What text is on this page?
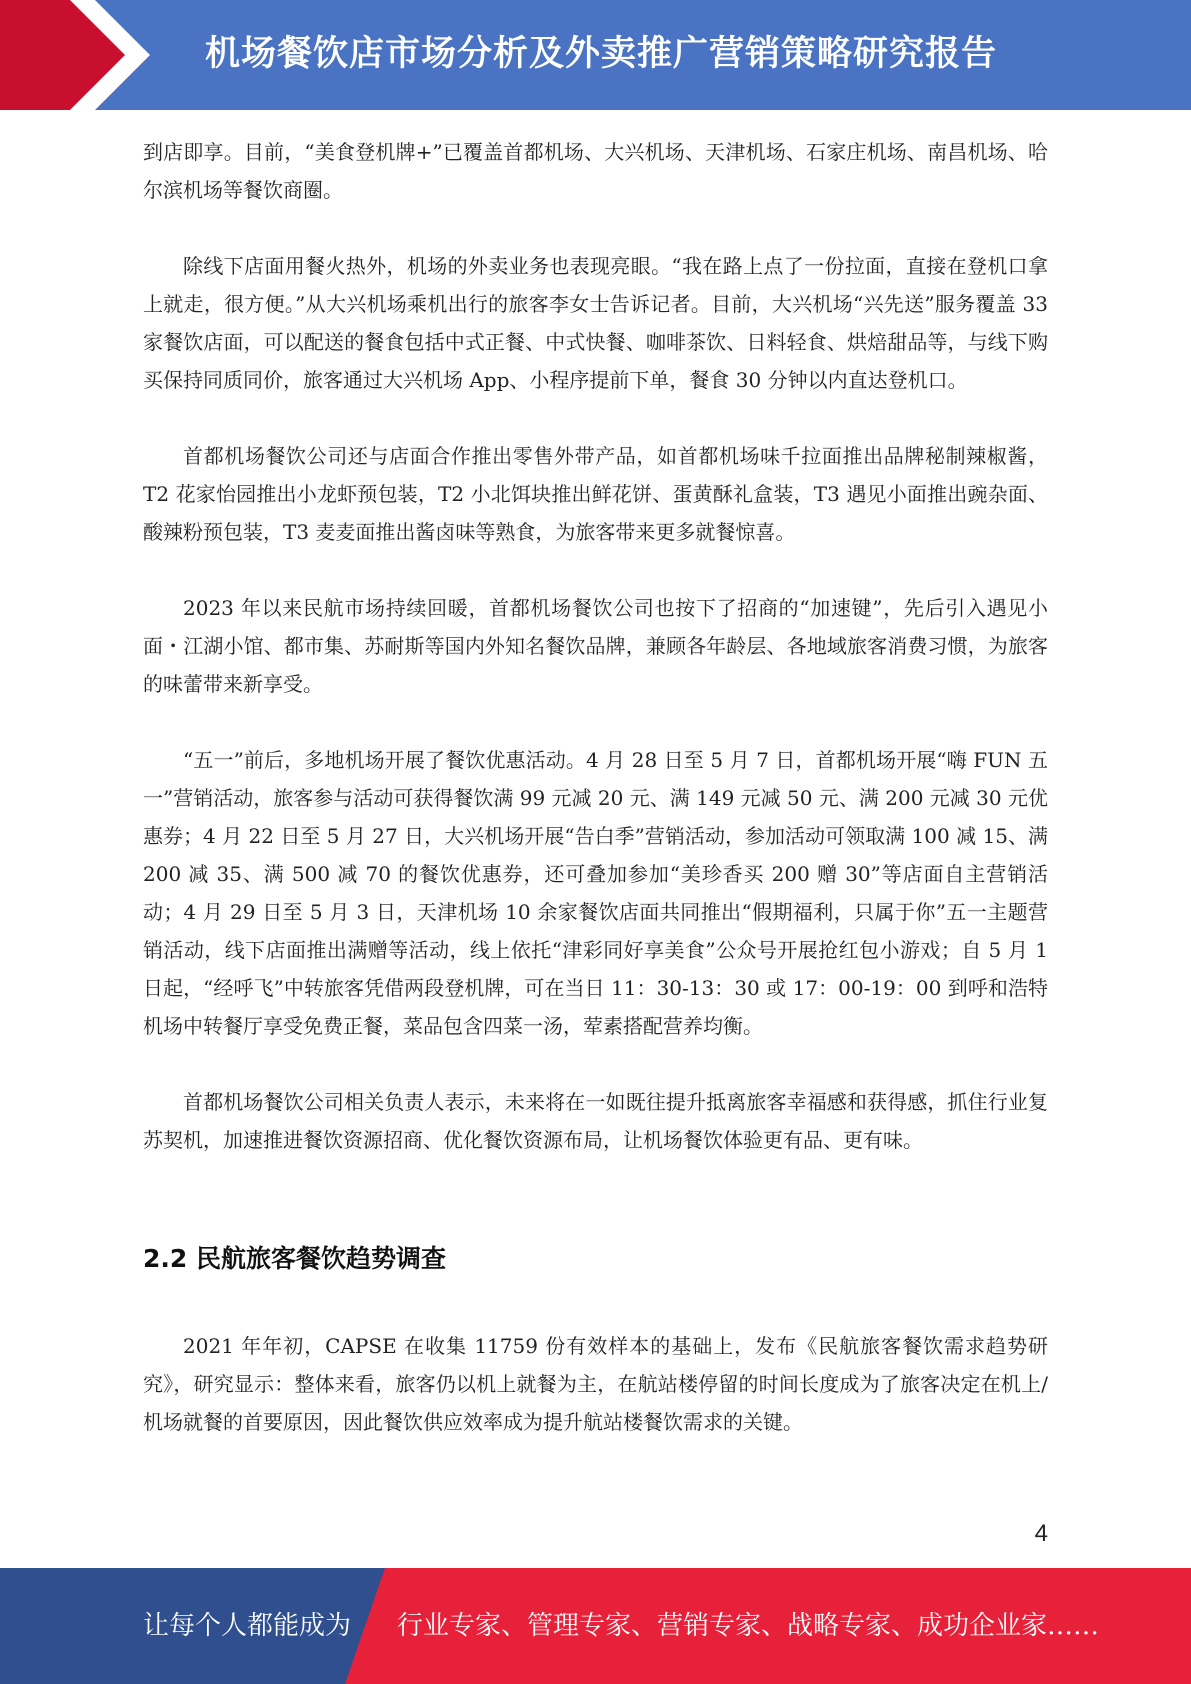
机场餐饮店市场分析及外卖推广营销策略研究报告

到店即享。目前，“美食登机牌+”已覆盖首都机场、大兴机场、天津机场、石家庄机场、南昌机场、哈尔滨机场等餐饮商圈。

除线下店面用餐火热外，机场的外卖业务也表现亮眼。“我在路上点了一份拉面，直接在登机口拿上就走，很方便。”从大兴机场乘机出行的旅客李女士告诉记者。目前，大兴机场“兴先送”服务覆盖 33 家餐饮店面，可以配送的餐食包括中式正餐、中式快餐、咖啡茶饮、日料轻食、烘焙甜品等，与线下购买保持同质同价，旅客通过大兴机场 App、小程序提前下单，餐食 30 分钟以内直达登机口。

首都机场餐饮公司还与店面合作推出零售外带产品，如首都机场味千拉面推出品牌秘制辣椒酱，T2 花家怡园推出小龙虾预包装，T2 小北饵块推出鲜花饼、蛋黄酥礼盒装，T3 遇见小面推出豌杂面、酸辣粉预包装，T3 麦麦面推出酱卤味等熟食，为旅客带来更多就餐惊喜。

2023 年以来民航市场持续回暖，首都机场餐饮公司也按下了招商的“加速键”，先后引入遇见小面・江湖小馆、都市集、苏耐斯等国内外知名餐饮品牌，兼顾各年龄层、各地域旅客消费习惯，为旅客的味蕾带来新享受。

“五一”前后，多地机场开展了餐饮优惠活动。4 月 28 日至 5 月 7 日，首都机场开展“嗨 FUN 五一”营销活动，旅客参与活动可获得餐饮满 99 元减 20 元、满 149 元减 50 元、满 200 元减 30 元优惠券；4 月 22 日至 5 月 27 日，大兴机场开展“告白季”营销活动，参加活动可领取满 100 减 15、满 200 减 35、满 500 减 70 的餐饮优惠券，还可叠加参加“美珍香买 200 赠 30”等店面自主营销活动；4 月 29 日至 5 月 3 日，天津机场 10 余家餐饮店面共同推出“假期福利，只属于你”五一主题营销活动，线下店面推出满赠等活动，线上依托“津彩同好享美食”公众号开展抢红包小游戏；自 5 月 1 日起，“经呼飞”中转旅客凭借两段登机牌，可在当日 11：30-13：30 或 17：00-19：00 到呼和浩特机场中转餐厅享受免费正餐，菜品包含四菜一汤，荤素搭配营养均衡。

首都机场餐饮公司相关负责人表示，未来将在一如既往提升抵离旅客幸福感和获得感，抓住行业复苏契机，加速推进餐饮资源招商、优化餐饮资源布局，让机场餐饮体验更有品、更有味。

2.2 民航旅客餐饮趋势调查

2021 年年初，CAPSE 在收集 11759 份有效样本的基础上，发布《民航旅客餐饮需求趋势研究》，研究显示：整体来看，旅客仍以机上就餐为主，在航站楼停留的时间长度成为了旅客决定在机上/机场就餐的首要原因，因此餐饮供应效率成为提升航站楼餐饮需求的关键。

4
让每个人都能成为 行业专家、管理专家、营销专家、战略专家、成功企业家……
